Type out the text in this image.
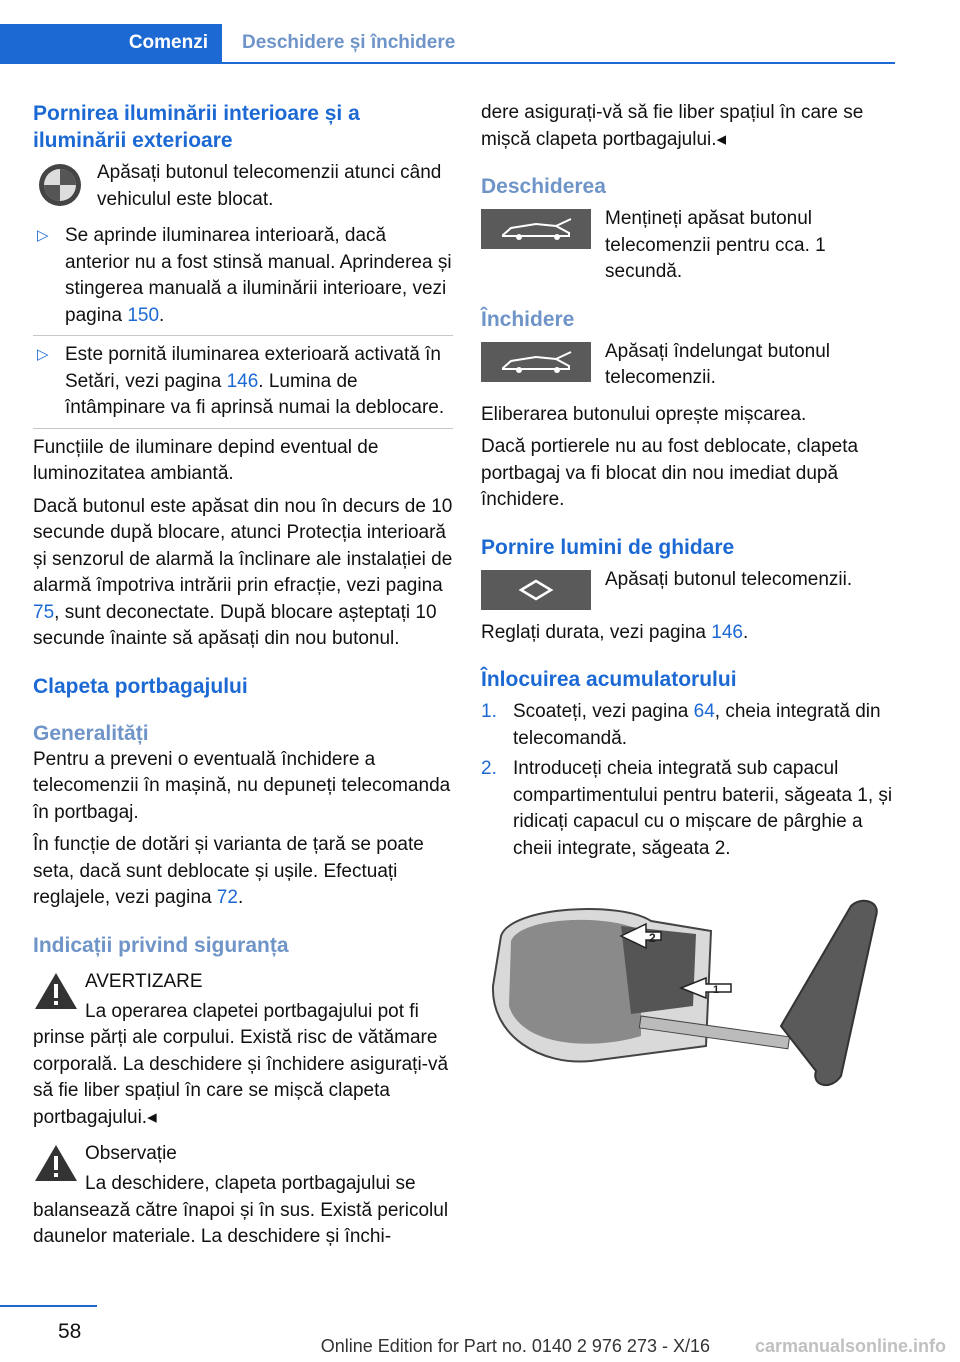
Comenzi	Deschidere și închidere
Pornirea iluminării interioare și a iluminării exterioare

Apăsați butonul telecomenzii atunci când vehiculul este blocat.

▷ Se aprinde iluminarea interioară, dacă anterior nu a fost stinsă manual. Aprinderea și stingerea manuală a iluminării interioare, vezi pagina 150.
▷ Este pornită iluminarea exterioară activată în Setări, vezi pagina 146. Lumina de întâmpinare va fi aprinsă numai la deblocare.

Funcțiile de iluminare depind eventual de luminozitatea ambiantă.

Dacă butonul este apăsat din nou în decurs de 10 secunde după blocare, atunci Protecția interioară și senzorul de alarmă la înclinare ale instalației de alarmă împotriva intrării prin efracție, vezi pagina 75, sunt deconectate. După blocare așteptați 10 secunde înainte să apăsați din nou butonul.

Clapeta portbagajului
Generalități

Pentru a preveni o eventuală închidere a telecomenzii în mașină, nu depuneți telecomanda în portbagaj.

În funcție de dotări și varianta de țară se poate seta, dacă sunt deblocate și ușile. Efectuați reglajele, vezi pagina 72.

Indicații privind siguranța

AVERTIZARE

La operarea clapetei portbagajului pot fi prinse părți ale corpului. Există risc de vătămare corporală. La deschidere și închidere asigurați-vă să fie liber spațiul în care se mișcă clapeta portbagajului.◂

Observație

La deschidere, clapeta portbagajului se balansează către înapoi și în sus. Există pericolul daunelor materiale. La deschidere și închi-

dere asigurați-vă să fie liber spațiul în care se mișcă clapeta portbagajului.◂

Deschiderea

Mențineți apăsat butonul telecomenzii pentru cca. 1 secundă.

Închidere

Apăsați îndelungat butonul telecomenzii.

Eliberarea butonului oprește mișcarea.

Dacă portierele nu au fost deblocate, clapeta portbagaj va fi blocat din nou imediat după închidere.

Pornire lumini de ghidare

Apăsați butonul telecomenzii.

Reglați durata, vezi pagina 146.

Înlocuirea acumulatorului
1. Scoateți, vezi pagina 64, cheia integrată din telecomandă.
2. Introduceți cheia integrată sub capacul compartimentului pentru baterii, săgeata 1, și ridicați capacul cu o mișcare de pârghie a cheii integrate, săgeata 2.
2
1
58
Online Edition for Part no. 0140 2 976 273 - X/16 carmanualsonline.info
